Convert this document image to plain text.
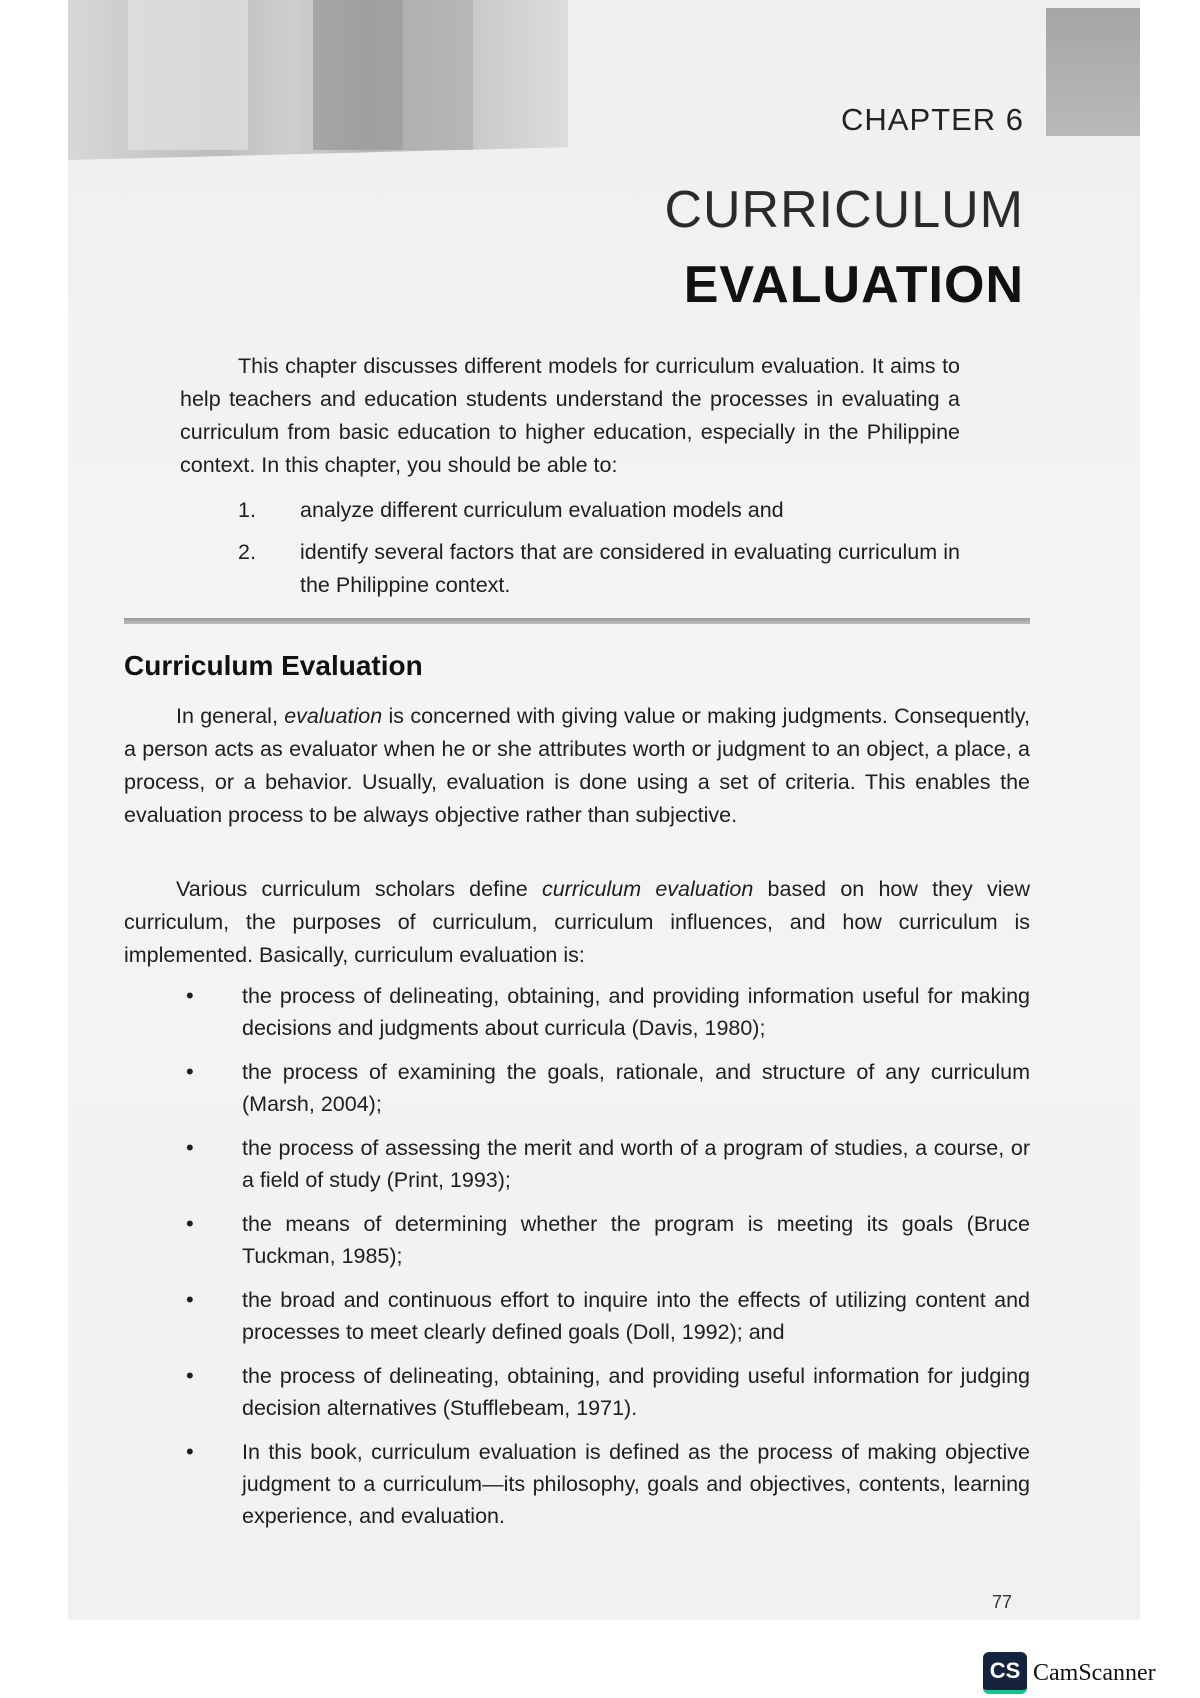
CHAPTER 6
CURRICULUM
EVALUATION

This chapter discusses different models for curriculum evaluation. It aims to help teachers and education students understand the processes in evaluating a curriculum from basic education to higher education, especially in the Philippine context. In this chapter, you should be able to:

1.	analyze different curriculum evaluation models and
2.	identify several factors that are considered in evaluating curriculum in the Philippine context.
Curriculum Evaluation

In general, evaluation is concerned with giving value or making judgments. Consequently, a person acts as evaluator when he or she attributes worth or judgment to an object, a place, a process, or a behavior. Usually, evaluation is done using a set of criteria. This enables the evaluation process to be always objective rather than subjective.

Various curriculum scholars define curriculum evaluation based on how they view curriculum, the purposes of curriculum, curriculum influences, and how curriculum is implemented. Basically, curriculum evaluation is:

•	the process of delineating, obtaining, and providing information useful for making decisions and judgments about curricula (Davis, 1980);
•	the process of examining the goals, rationale, and structure of any curriculum (Marsh, 2004);
•	the process of assessing the merit and worth of a program of studies, a course, or a field of study (Print, 1993);
•	the means of determining whether the program is meeting its goals (Bruce Tuckman, 1985);
•	the broad and continuous effort to inquire into the effects of utilizing content and processes to meet clearly defined goals (Doll, 1992); and
•	the process of delineating, obtaining, and providing useful information for judging decision alternatives (Stufflebeam, 1971).
•	In this book, curriculum evaluation is defined as the process of making objective judgment to a curriculum—its philosophy, goals and objectives, contents, learning experience, and evaluation.
77
CS CamScanner
